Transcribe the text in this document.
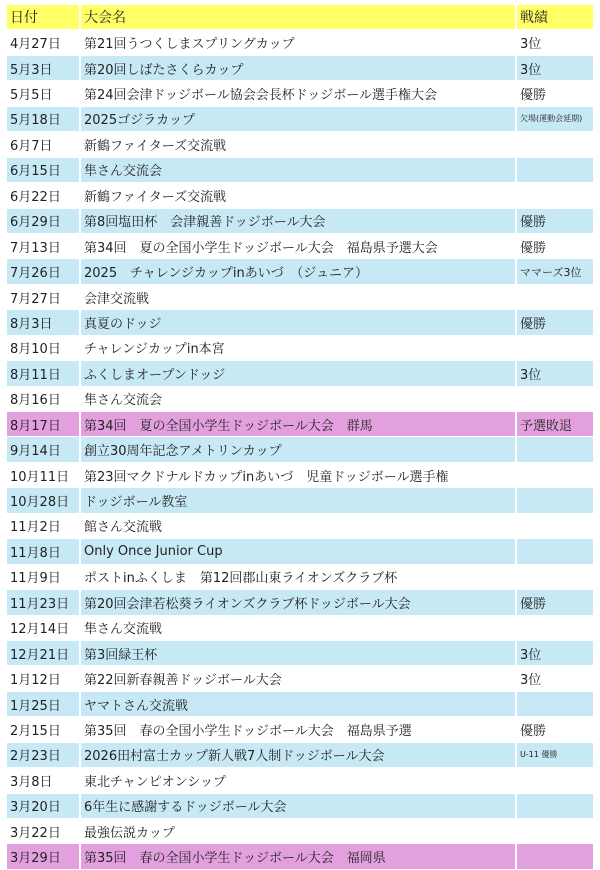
日付	大会名	戦績
4月27日	第21回うつくしまスプリングカップ	3位
5月3日	第20回しばたさくらカップ	3位
5月5日	第24回会津ドッジボール協会会長杯ドッジボール選手権大会	優勝
5月18日	2025ゴジラカップ	欠場(運動会延期)
6月7日	新鶴ファイターズ交流戦	
6月15日	隼さん交流会	
6月22日	新鶴ファイターズ交流戦	
6月29日	第8回塩田杯　会津親善ドッジボール大会	優勝
7月13日	第34回　夏の全国小学生ドッジボール大会　福島県予選大会	優勝
7月26日	2025　チャレンジカップinあいづ　（ジュニア）	ママーズ3位
7月27日	会津交流戦	
8月3日	真夏のドッジ	優勝
8月10日	チャレンジカップin本宮	
8月11日	ふくしまオープンドッジ	3位
8月16日	隼さん交流会	
8月17日	第34回　夏の全国小学生ドッジボール大会　群馬	予選敗退
9月14日	創立30周年記念アメトリンカップ	
10月11日	第23回マクドナルドカップinあいづ　児童ドッジボール選手権	
10月28日	ドッジボール教室	
11月2日	館さん交流戦	
11月8日	Only Once Junior Cup	
11月9日	ポストinふくしま　第12回郡山東ライオンズクラブ杯	
11月23日	第20回会津若松葵ライオンズクラブ杯ドッジボール大会	優勝
12月14日	隼さん交流戦	
12月21日	第3回緑王杯	3位
1月12日	第22回新春親善ドッジボール大会	3位
1月25日	ヤマトさん交流戦	
2月15日	第35回　春の全国小学生ドッジボール大会　福島県予選	優勝
2月23日	2026田村富士カップ新人戦7人制ドッジボール大会	U-11 優勝
3月8日	東北チャンピオンシップ	
3月20日	6年生に感謝するドッジボール大会	
3月22日	最強伝説カップ	
3月29日	第35回　春の全国小学生ドッジボール大会　福岡県	
